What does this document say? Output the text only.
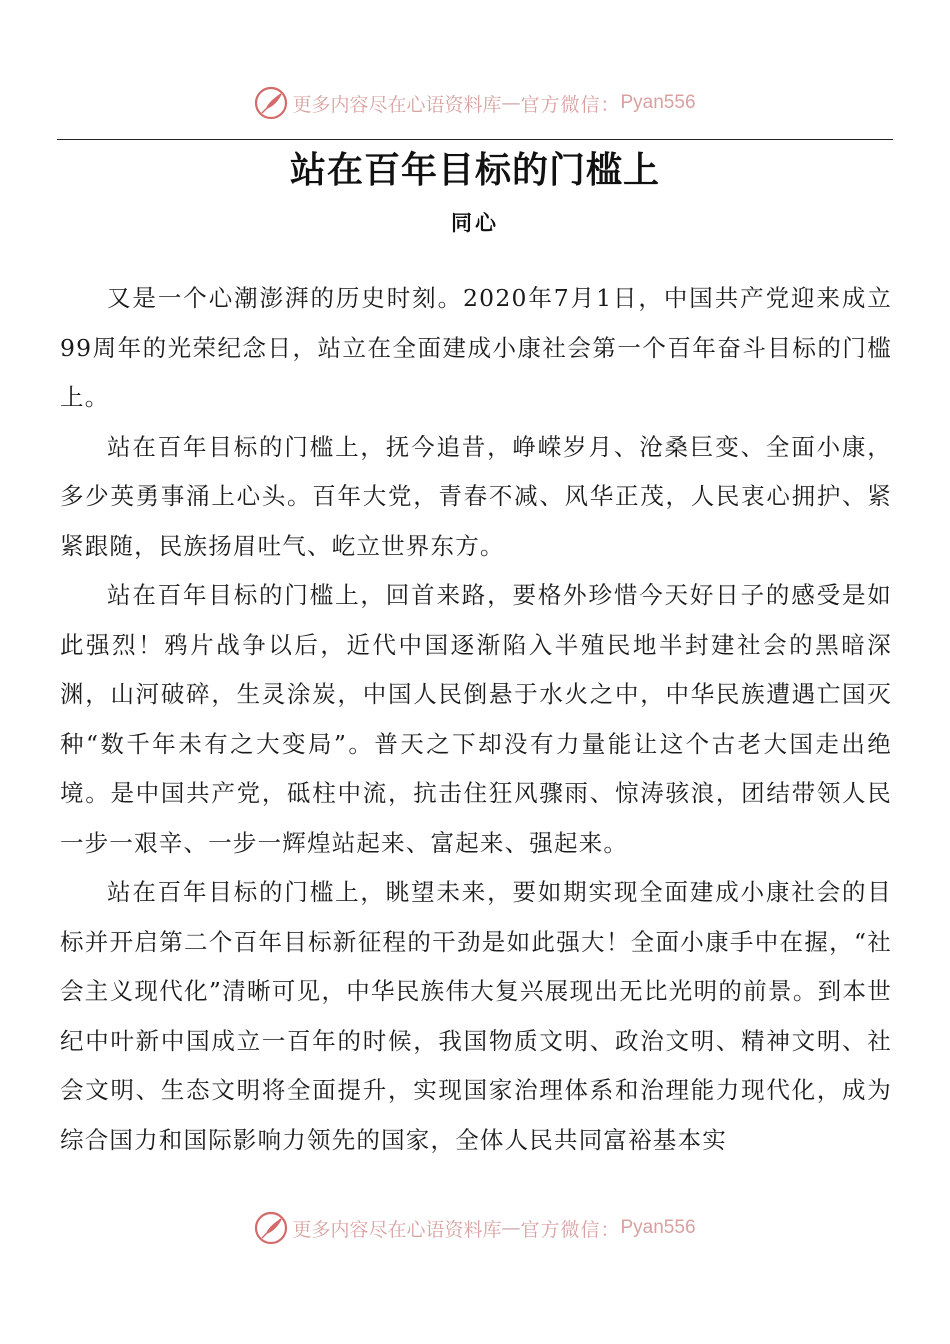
更多内容尽在心语资料库 — 官方微信： Pyan556
站在百年目标的门槛上
同心

又是一个心潮澎湃的历史时刻。2020年7月1日，中国共产党迎来成立99周年的光荣纪念日，站立在全面建成小康社会第一个百年奋斗目标的门槛上。

站在百年目标的门槛上，抚今追昔，峥嵘岁月、沧桑巨变、全面小康，多少英勇事涌上心头。百年大党，青春不减、风华正茂，人民衷心拥护、紧紧跟随，民族扬眉吐气、屹立世界东方。

站在百年目标的门槛上，回首来路，要格外珍惜今天好日子的感受是如此强烈！鸦片战争以后，近代中国逐渐陷入半殖民地半封建社会的黑暗深渊，山河破碎，生灵涂炭，中国人民倒悬于水火之中，中华民族遭遇亡国灭种“数千年未有之大变局”。普天之下却没有力量能让这个古老大国走出绝境。是中国共产党，砥柱中流，抗击住狂风骤雨、惊涛骇浪，团结带领人民一步一艰辛、一步一辉煌站起来、富起来、强起来。

站在百年目标的门槛上，眺望未来，要如期实现全面建成小康社会的目标并开启第二个百年目标新征程的干劲是如此强大！全面小康手中在握，“社会主义现代化”清晰可见，中华民族伟大复兴展现出无比光明的前景。到本世纪中叶新中国成立一百年的时候，我国物质文明、政治文明、精神文明、社会文明、生态文明将全面提升，实现国家治理体系和治理能力现代化，成为综合国力和国际影响力领先的国家，全体人民共同富裕基本实

更多内容尽在心语资料库 — 官方微信： Pyan556
